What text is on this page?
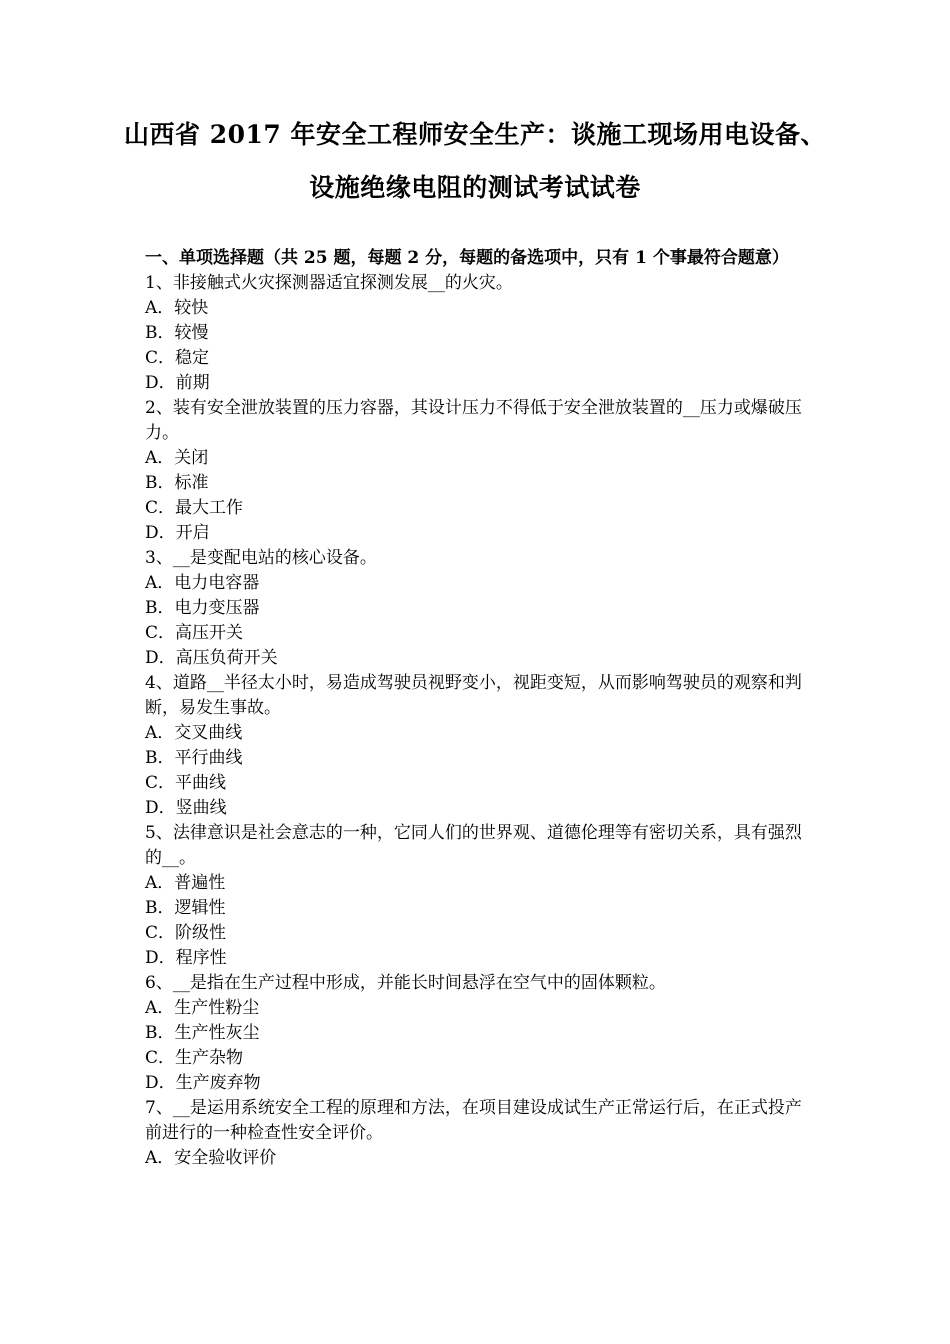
山西省 2017 年安全工程师安全生产：谈施工现场用电设备、
设施绝缘电阻的测试考试试卷

一、单项选择题（共 25 题，每题 2 分，每题的备选项中，只有 1 个事最符合题意）

1、非接触式火灾探测器适宜探测发展__的火灾。

A．较快

B．较慢

C．稳定

D．前期

2、装有安全泄放装置的压力容器，其设计压力不得低于安全泄放装置的__压力或爆破压力。

A．关闭

B．标准

C．最大工作

D．开启

3、__是变配电站的核心设备。

A．电力电容器

B．电力变压器

C．高压开关

D．高压负荷开关

4、道路__半径太小时，易造成驾驶员视野变小，视距变短，从而影响驾驶员的观察和判断，易发生事故。

A．交叉曲线

B．平行曲线

C．平曲线

D．竖曲线

5、法律意识是社会意志的一种，它同人们的世界观、道德伦理等有密切关系，具有强烈的__。

A．普遍性

B．逻辑性

C．阶级性

D．程序性

6、__是指在生产过程中形成，并能长时间悬浮在空气中的固体颗粒。

A．生产性粉尘

B．生产性灰尘

C．生产杂物

D．生产废弃物

7、__是运用系统安全工程的原理和方法，在项目建设成试生产正常运行后，在正式投产前进行的一种检查性安全评价。

A．安全验收评价
